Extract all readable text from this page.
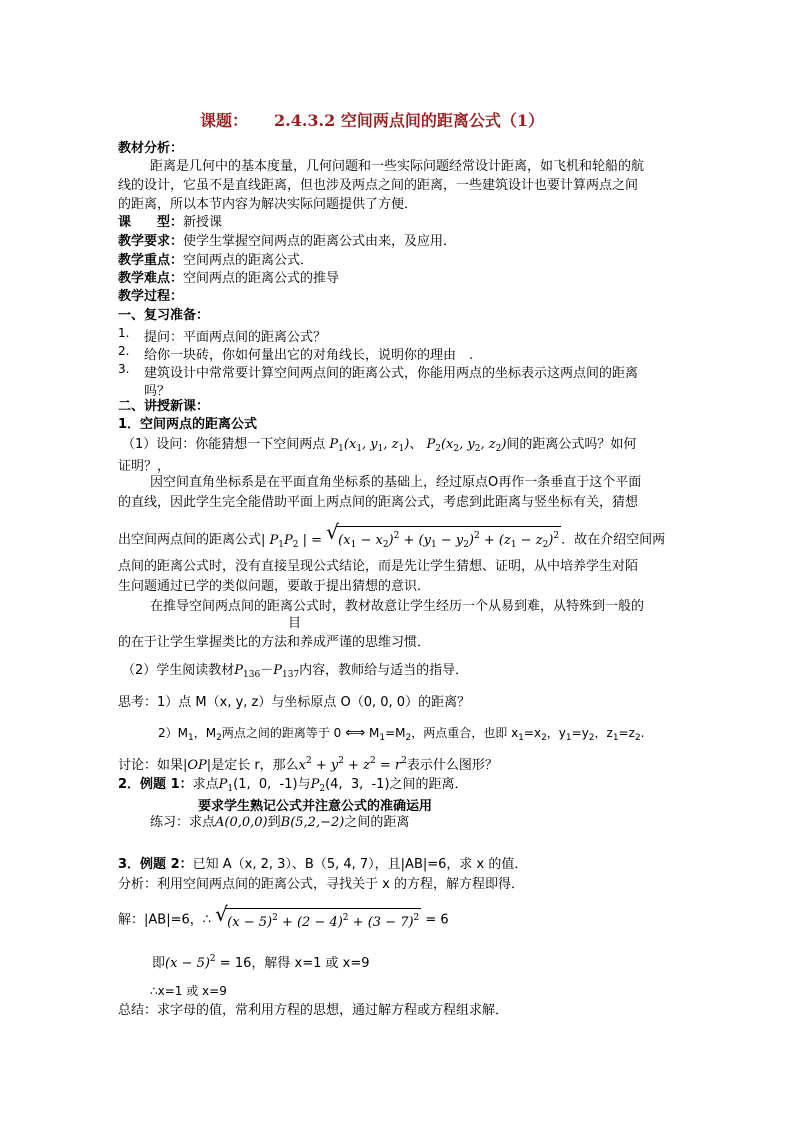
课题： 2.4.3.2 空间两点间的距离公式（1）
教材分析：
距离是几何中的基本度量，几何问题和一些实际问题经常设计距离，如飞机和轮船的航
线的设计，它虽不是直线距离，但也涉及两点之间的距离，一些建筑设计也要计算两点之间
的距离，所以本节内容为解决实际问题提供了方便．
课　　型：新授课
教学要求：使学生掌握空间两点的距离公式由来，及应用．
教学重点：空间两点的距离公式．
教学难点：空间两点的距离公式的推导
教学过程：
一、复习准备：
1. 提问：平面两点间的距离公式？
2. 给你一块砖，你如何量出它的对角线长，说明你的理由　.
3. 建筑设计中常常要计算空间两点间的距离公式，你能用两点的坐标表示这两点间的距离
吗？
二、讲授新课：
1．空间两点的距离公式
（1）设问：你能猜想一下空间两点 $P_1(x_1$, $y_1$, $z_1$)、 $P_2(x_2$, $y_2$, $z_2$)间的距离公式吗？如何
证明？，
因空间直角坐标系是在平面直角坐标系的基础上，经过原点O再作一条垂直于这个平面
的直线，因此学生完全能借助平面上两点间的距离公式，考虑到此距离与竖坐标有关，猜想
出空间两点间的距离公式| $P_1P_2$ | = √ $(x_1 - x_2)^2 + (y_1 - y_2)^2 + (z_1 - z_2)^2$ ．故在介绍空间两
点间的距离公式时，没有直接呈现公式结论，而是先让学生猜想、证明，从中培养学生对陌
生问题通过已学的类似问题，要敢于提出猜想的意识．
在推导空间两点间的距离公式时，教材故意让学生经历一个从易到难，从特殊到一般的
目
的在于让学生掌握类比的方法和养成严谨的思维习惯．
（2）学生阅读教材$P_{136}-P_{137}$内容，教师给与适当的指导．
思考：1）点 M（x, y, z）与坐标原点 O（0, 0, 0）的距离？
$2)M_1$，$M_2$两点之间的距离等于 0 ⟺ $M_1=M_2$，两点重合，也即 $x_1=x_2$，$y_1=y_2$，$z_1=z_2$.
讨论：如果|OP|是定长 r，那么$x^2 + y^2 + z^2 = r^2$表示什么图形？
2．例题 1：求点$P_1(1$,  0,  -1)与$P_2(4$,  3,  -1)之间的距离．
要求学生熟记公式并注意公式的准确运用
练习：求点A(0,0,0)到B(5,2,−2)之间的距离
3．例题 2：已知 A（x, 2, 3）、B（5, 4, 7），且|AB|=6，求 x 的值．
分析：利用空间两点间的距离公式，寻找关于 x 的方程，解方程即得．
解：|AB|=6，∴ √ $(x - 5)^2 + (2 - 4)^2 + (3 - 7)^2 = 6$
即$(x - 5)^2 = 16$，解得 x=1 或 x=9
∴x=1 或 x=9
总结：求字母的值，常利用方程的思想，通过解方程或方程组求解．
